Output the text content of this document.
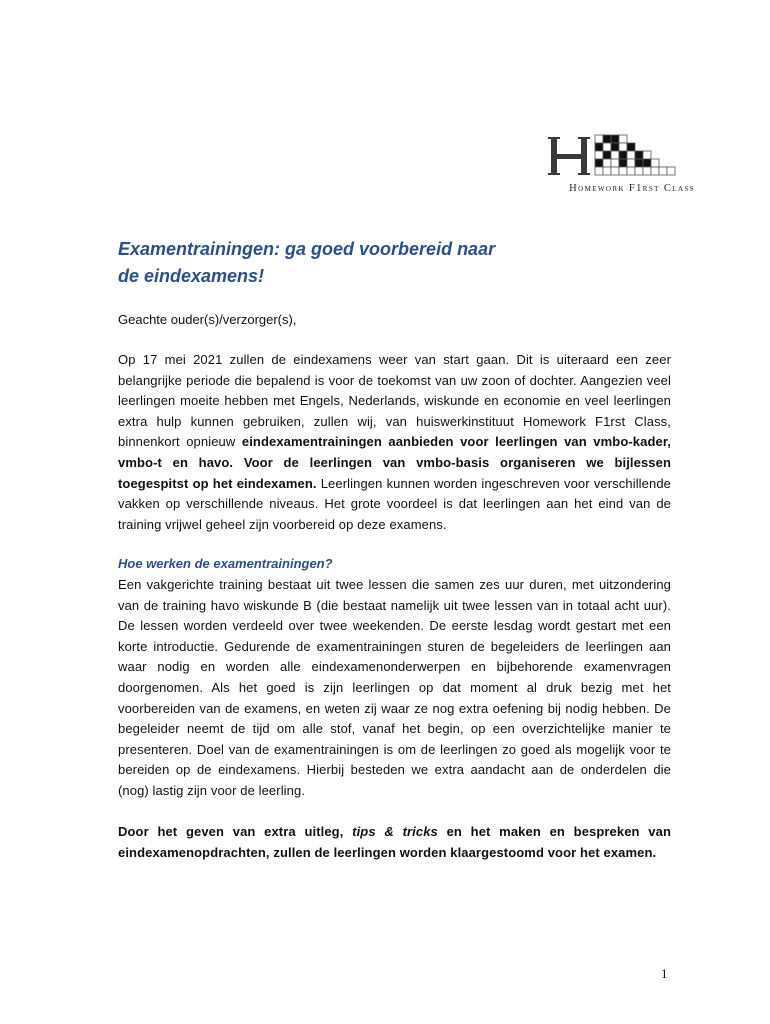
Homework F1rst Class
Examentrainingen: ga goed voorbereid naar
de eindexamens!

Geachte ouder(s)/verzorger(s),

Op 17 mei 2021 zullen de eindexamens weer van start gaan. Dit is uiteraard een zeer belangrijke periode die bepalend is voor de toekomst van uw zoon of dochter. Aangezien veel leerlingen moeite hebben met Engels, Nederlands, wiskunde en economie en veel leerlingen extra hulp kunnen gebruiken, zullen wij, van huiswerkinstituut Homework F1rst Class, binnenkort opnieuw eindexamentrainingen aanbieden voor leerlingen van vmbo-kader, vmbo-t en havo. Voor de leerlingen van vmbo-basis organiseren we bijlessen toegespitst op het eindexamen. Leerlingen kunnen worden ingeschreven voor verschillende vakken op verschillende niveaus. Het grote voordeel is dat leerlingen aan het eind van de training vrijwel geheel zijn voorbereid op deze examens.

Hoe werken de examentrainingen?

Een vakgerichte training bestaat uit twee lessen die samen zes uur duren, met uitzondering van de training havo wiskunde B (die bestaat namelijk uit twee lessen van in totaal acht uur). De lessen worden verdeeld over twee weekenden. De eerste lesdag wordt gestart met een korte introductie. Gedurende de examentrainingen sturen de begeleiders de leerlingen aan waar nodig en worden alle eindexamenonderwerpen en bijbehorende examenvragen doorgenomen. Als het goed is zijn leerlingen op dat moment al druk bezig met het voorbereiden van de examens, en weten zij waar ze nog extra oefening bij nodig hebben. De begeleider neemt de tijd om alle stof, vanaf het begin, op een overzichtelijke manier te presenteren. Doel van de examentrainingen is om de leerlingen zo goed als mogelijk voor te bereiden op de eindexamens. Hierbij besteden we extra aandacht aan de onderdelen die (nog) lastig zijn voor de leerling.

Door het geven van extra uitleg, tips & tricks en het maken en bespreken van eindexamenopdrachten, zullen de leerlingen worden klaargestoomd voor het examen.

1
